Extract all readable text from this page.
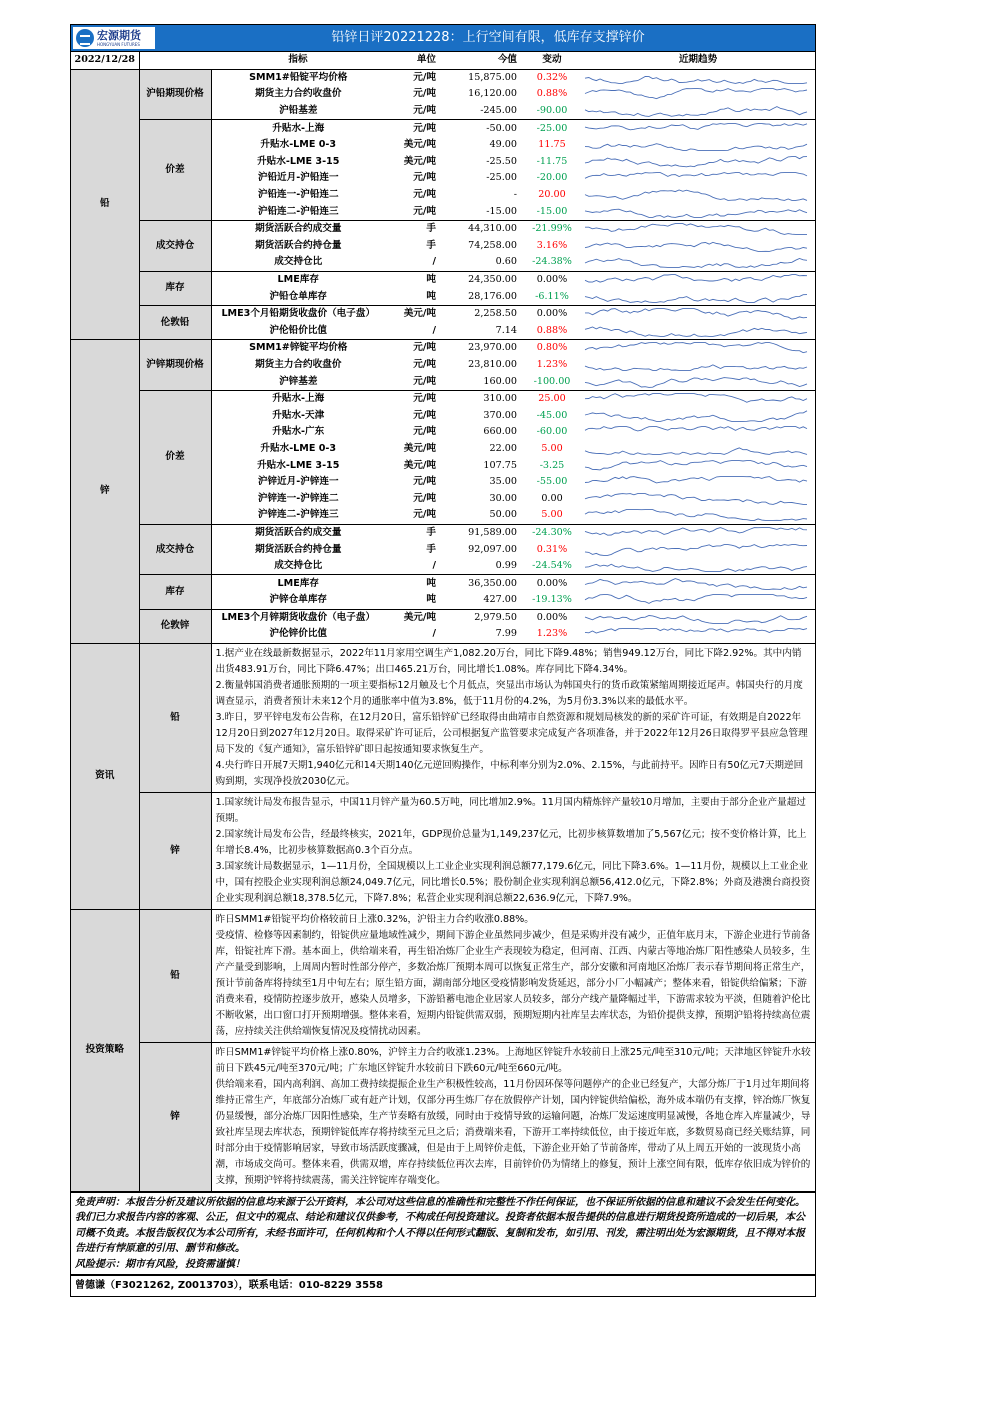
宏源期货
HONGYUAN FUTURES	铅锌日评20221228：上行空间有限，低库存支撑锌价
2022/12/28		指标	单位	今值	变动	近期趋势
铅	沪铅期现价格	SMM1#铅锭平均价格	元/吨	15,875.00	0.32%	

		期货主力合约收盘价	元/吨	16,120.00	0.88%	

		沪铅基差	元/吨	-245.00	-90.00	

	价差	升贴水-上海	元/吨	-50.00	-25.00	

		升贴水-LME 0-3	美元/吨	49.00	11.75	

		升贴水-LME 3-15	美元/吨	-25.50	-11.75	

		沪铅近月-沪铅连一	元/吨	-25.00	-20.00	

		沪铅连一-沪铅连二	元/吨	-	20.00	

		沪铅连二-沪铅连三	元/吨	-15.00	-15.00	

	成交持仓	期货活跃合约成交量	手	44,310.00	-21.99%	

		期货活跃合约持仓量	手	74,258.00	3.16%	

		成交持仓比	/	0.60	-24.38%	

	库存	LME库存	吨	24,350.00	0.00%	

		沪铅仓单库存	吨	28,176.00	-6.11%	

	伦敦铅	LME3个月铅期货收盘价（电子盘）	美元/吨	2,258.50	0.00%	

		沪伦铅价比值	/	7.14	0.88%	

锌	沪锌期现价格	SMM1#锌锭平均价格	元/吨	23,970.00	0.80%	

		期货主力合约收盘价	元/吨	23,810.00	1.23%	

		沪锌基差	元/吨	160.00	-100.00	

	价差	升贴水-上海	元/吨	310.00	25.00	

		升贴水-天津	元/吨	370.00	-45.00	

		升贴水-广东	元/吨	660.00	-60.00	

		升贴水-LME 0-3	美元/吨	22.00	5.00	

		升贴水-LME 3-15	美元/吨	107.75	-3.25	

		沪锌近月-沪锌连一	元/吨	35.00	-55.00	

		沪锌连一-沪锌连二	元/吨	30.00	0.00	

		沪锌连二-沪锌连三	元/吨	50.00	5.00	

	成交持仓	期货活跃合约成交量	手	91,589.00	-24.30%	

		期货活跃合约持仓量	手	92,097.00	0.31%	

		成交持仓比	/	0.99	-24.54%	

	库存	LME库存	吨	36,350.00	0.00%	

		沪锌仓单库存	吨	427.00	-19.13%	

	伦敦锌	LME3个月锌期货收盘价（电子盘）	美元/吨	2,979.50	0.00%	

		沪伦锌价比值	/	7.99	1.23%	
资讯	铅	1.据产业在线最新数据显示，2022年11月家用空调生产1,082.20万台，同比下降9.48%；销售949.12万台，同比下降2.92%。其中内销出货483.91万台，同比下降6.47%；出口465.21万台，同比增长1.08%。库存同比下降4.34%。

2.衡量韩国消费者通胀预期的一项主要指标12月触及七个月低点，突显出市场认为韩国央行的货币政策紧缩周期接近尾声。韩国央行的月度调查显示，消费者预计未来12个月的通胀率中值为3.8%，低于11月份的4.2%，为5月份3.3%以来的最低水平。

3.昨日，罗平锌电发布公告称，在12月20日，富乐铅锌矿已经取得由曲靖市自然资源和规划局核发的新的采矿许可证，有效期是自2022年12月20日到2027年12月20日。取得采矿许可证后，公司根据复产监管要求完成复产各项准备，并于2022年12月26日取得罗平县应急管理局下发的《复产通知》，富乐铅锌矿即日起按通知要求恢复生产。

4.央行昨日开展7天期1,940亿元和14天期140亿元逆回购操作，中标利率分别为2.0%、2.15%，与此前持平。因昨日有50亿元7天期逆回购到期，实现净投放2030亿元。

	锌	1.国家统计局发布报告显示，中国11月锌产量为60.5万吨，同比增加2.9%。11月国内精炼锌产量较10月增加，主要由于部分企业产量超过预期。

2.国家统计局发布公告，经最终核实，2021年，GDP现价总量为1,149,237亿元，比初步核算数增加了5,567亿元；按不变价格计算，比上年增长8.4%，比初步核算数据高0.3个百分点。

3.国家统计局数据显示，1—11月份，全国规模以上工业企业实现利润总额77,179.6亿元，同比下降3.6%。1—11月份，规模以上工业企业中，国有控股企业实现利润总额24,049.7亿元，同比增长0.5%；股份制企业实现利润总额56,412.0亿元，下降2.8%；外商及港澳台商投资企业实现利润总额18,378.5亿元，下降7.8%；私营企业实现利润总额22,636.9亿元，下降7.9%。

投资策略	铅	昨日SMM1#铅锭平均价格较前日上涨0.32%，沪铅主力合约收涨0.88%。

受疫情、检修等因素制约，铅锭供应量地域性减少，期间下游企业虽然同步减少，但是采购并没有减少，正值年底月末，下游企业进行节前备库，铅锭社库下滑。基本面上，供给端来看，再生铅冶炼厂企业生产表现较为稳定，但河南、江西、内蒙古等地冶炼厂阳性感染人员较多，生产产量受到影响，上周周内暂时性部分停产，多数冶炼厂预期本周可以恢复正常生产，部分安徽和河南地区冶炼厂表示春节期间将正常生产，预计节前备库将持续至1月中旬左右；原生铅方面，湖南部分地区受疫情影响发货延迟，部分小厂小幅减产；整体来看，铅锭供给偏紧；下游消费来看，疫情防控逐步放开，感染人员增多，下游铅蓄电池企业居家人员较多，部分产线产量降幅过半，下游需求较为平淡，但随着沪伦比不断收紧，出口窗口打开预期增强。整体来看，短期内铅锭供需双弱，预期短期内社库呈去库状态，为铅价提供支撑，预期沪铅将持续高位震荡，应持续关注供给端恢复情况及疫情扰动因素。

	锌	昨日SMM1#锌锭平均价格上涨0.80%，沪锌主力合约收涨1.23%。上海地区锌锭升水较前日上涨25元/吨至310元/吨；天津地区锌锭升水较前日下跌45元/吨至370元/吨；广东地区锌锭升水较前日下跌60元/吨至660元/吨。

供给端来看，国内高利润、高加工费持续提振企业生产积极性较高，11月份因环保等问题停产的企业已经复产，大部分炼厂于1月过年期间将维持正常生产，年底部分冶炼厂或有赶产计划，仅部分再生炼厂存在放假停产计划，国内锌锭供给偏松，海外成本端仍有支撑，锌冶炼厂恢复仍显缓慢，部分冶炼厂因阳性感染，生产节奏略有放缓，同时由于疫情导致的运输问题，冶炼厂发运速度明显减慢，各地仓库入库量减少，导致社库呈现去库状态，预期锌锭低库存将持续至元旦之后；消费端来看，下游开工率持续低位，由于接近年底，多数贸易商已经关账结算，同时部分由于疫情影响居家，导致市场活跃度骤减，但是由于上周锌价走低，下游企业开始了节前备库，带动了从上周五开始的一波现货小高潮，市场成交尚可。整体来看，供需双增，库存持续低位再次去库，目前锌价仍为情绪上的修复，预计上涨空间有限，低库存依旧成为锌价的支撑，预期沪锌将持续震荡，需关注锌锭库存端变化。

免责声明：本报告分析及建议所依据的信息均来源于公开资料，本公司对这些信息的准确性和完整性不作任何保证，也不保证所依据的信息和建议不会发生任何变化。我们已力求报告内容的客观、公正，但文中的观点、结论和建议仅供参考，不构成任何投资建议。投资者依据本报告提供的信息进行期货投资所造成的一切后果，本公司概不负责。本报告版权仅为本公司所有，未经书面许可，任何机构和个人不得以任何形式翻版、复制和发布，如引用、刊发，需注明出处为宏源期货，且不得对本报告进行有悖原意的引用、删节和修改。
风险提示：期市有风险，投资需谨慎！
曾德谦（F3021262, Z0013703），联系电话：010-8229 3558
